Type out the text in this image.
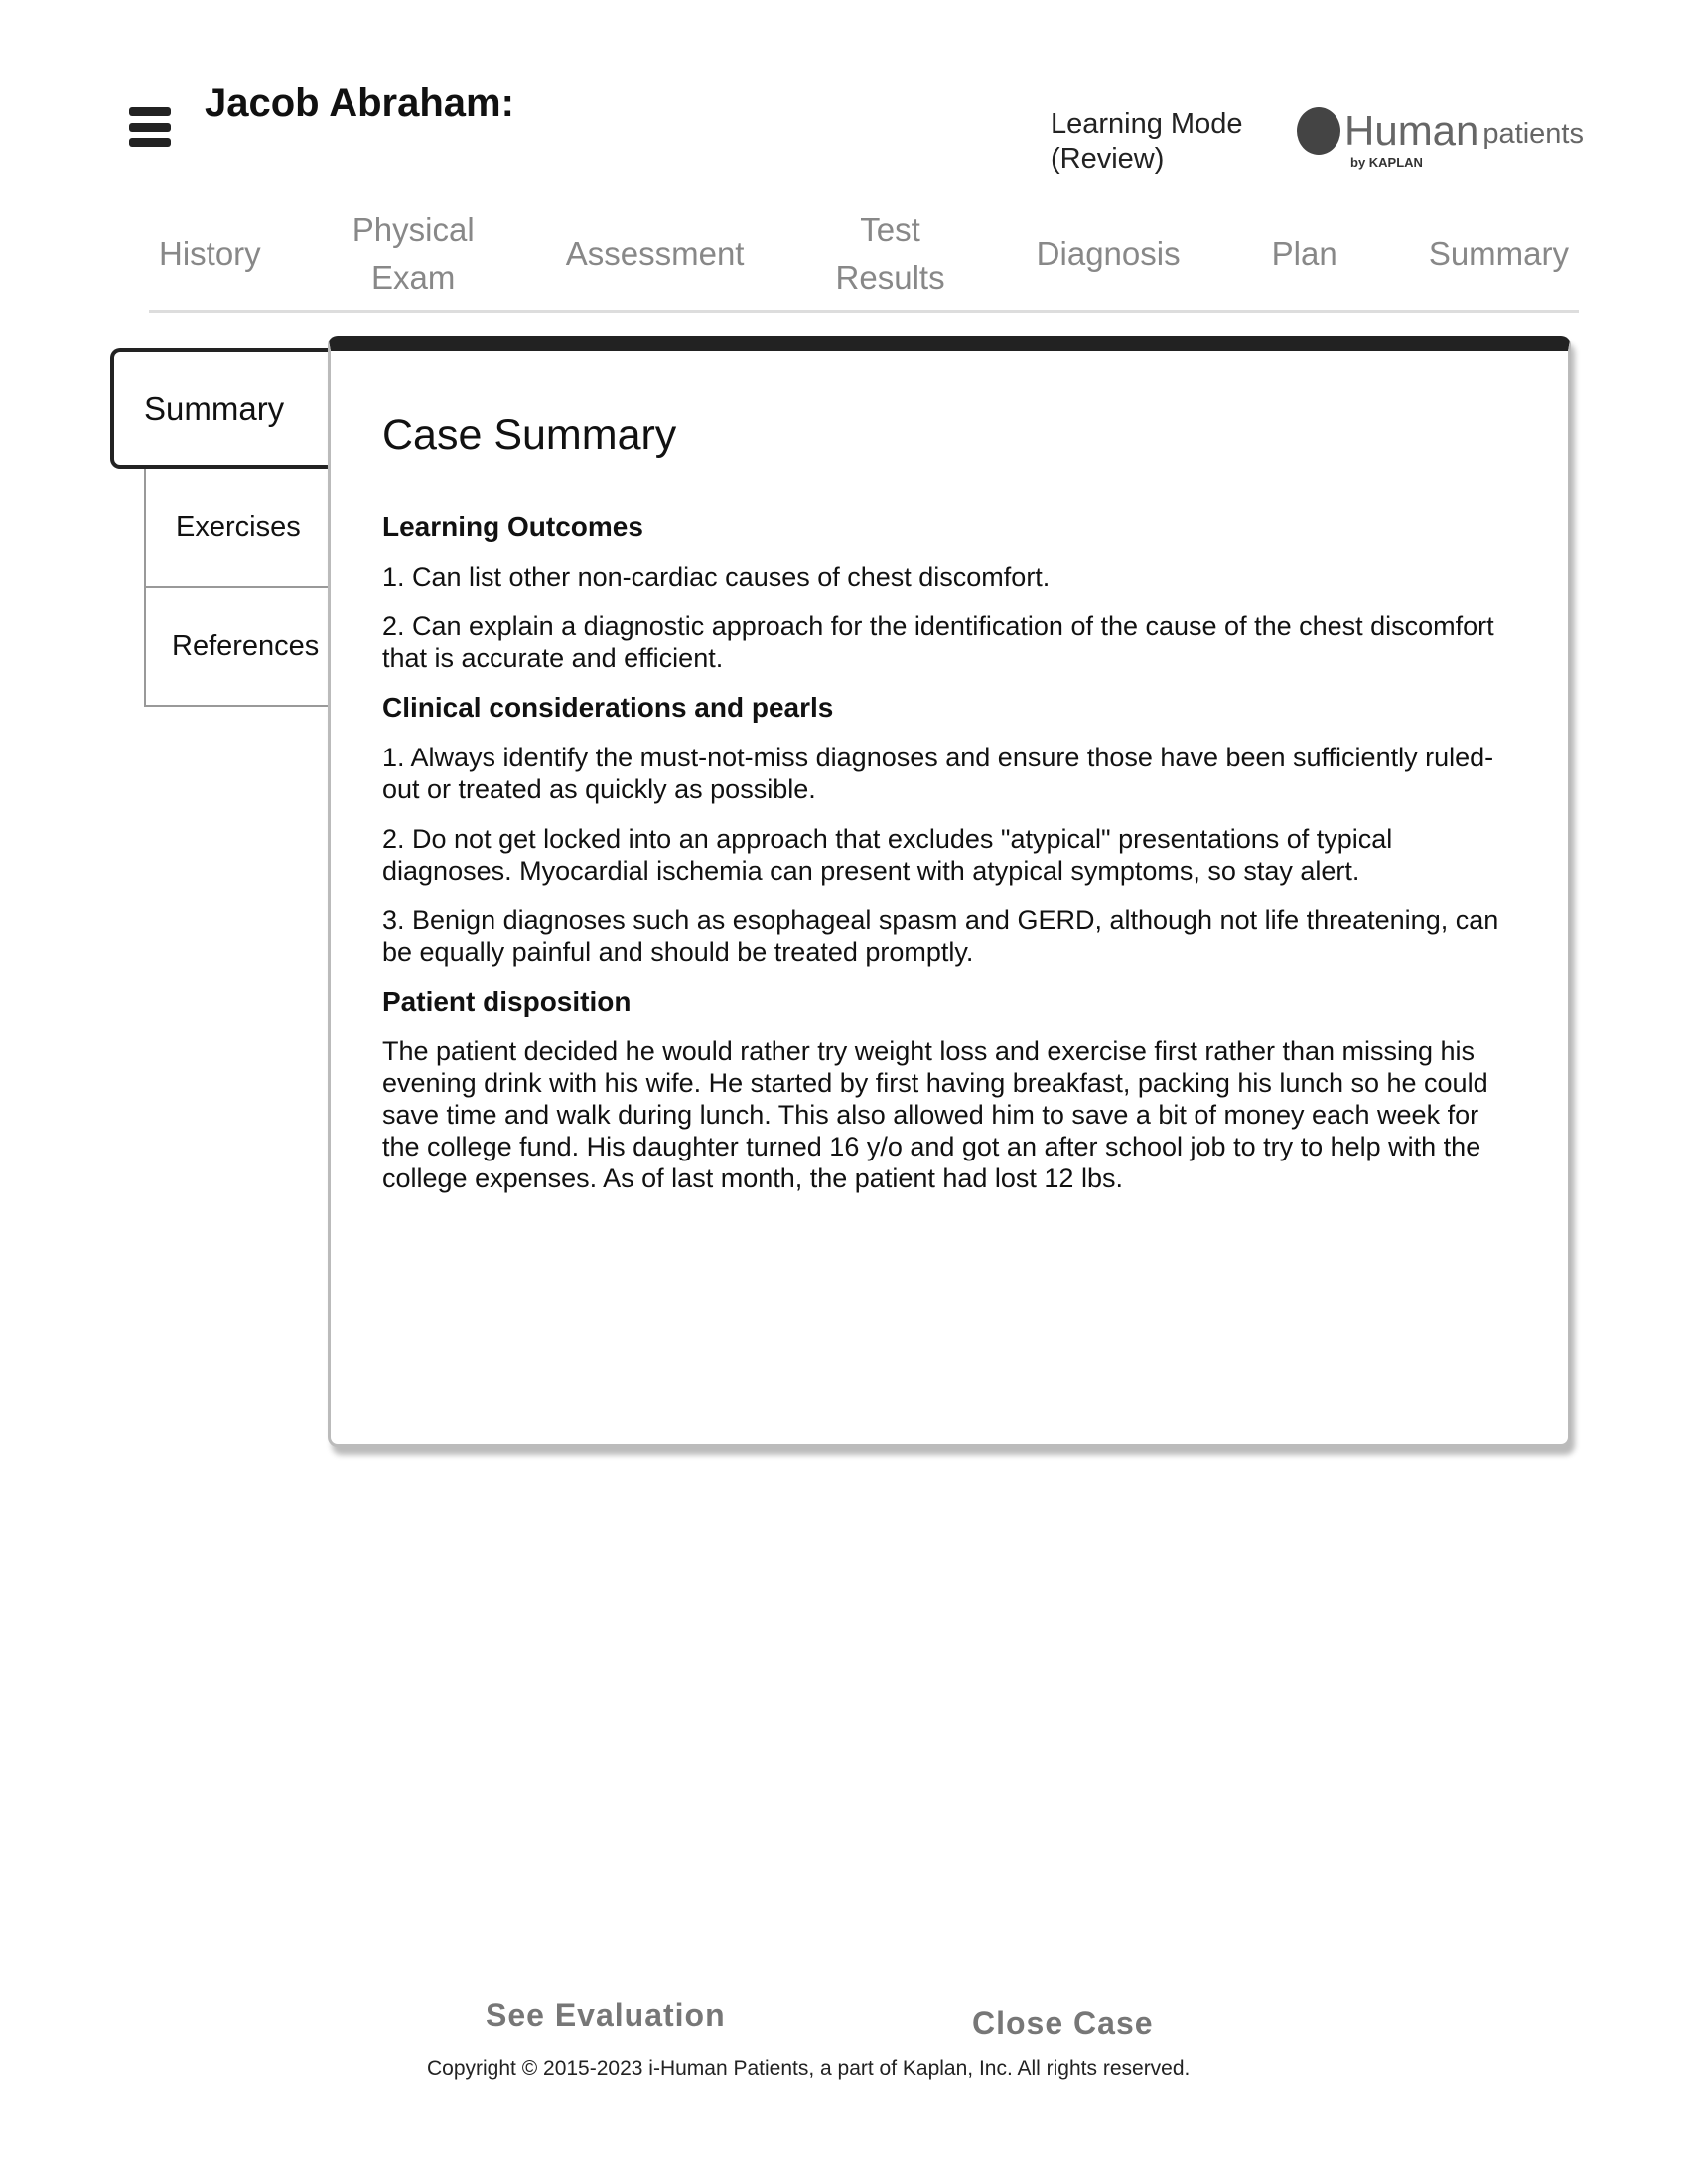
Jacob Abraham:	Learning Mode
(Review)
Human patients
by KAPLAN
History
Physical
Exam
Assessment
Test
Results
Diagnosis	Plan	Summary
Summary
Exercises
References
Case Summary
Learning Outcomes

1. Can list other non-cardiac causes of chest discomfort.

2. Can explain a diagnostic approach for the identification of the cause of the chest discomfort that is accurate and efficient.

Clinical considerations and pearls

1. Always identify the must-not-miss diagnoses and ensure those have been sufficiently ruled-out or treated as quickly as possible.

2. Do not get locked into an approach that excludes "atypical" presentations of typical diagnoses. Myocardial ischemia can present with atypical symptoms, so stay alert.

3. Benign diagnoses such as esophageal spasm and GERD, although not life threatening, can be equally painful and should be treated promptly.

Patient disposition

The patient decided he would rather try weight loss and exercise first rather than missing his evening drink with his wife. He started by first having breakfast, packing his lunch so he could save time and walk during lunch. This also allowed him to save a bit of money each week for the college fund. His daughter turned 16 y/o and got an after school job to try to help with the college expenses. As of last month, the patient had lost 12 lbs.

See Evaluation	Close Case
Copyright © 2015-2023 i-Human Patients, a part of Kaplan, Inc. All rights reserved.
